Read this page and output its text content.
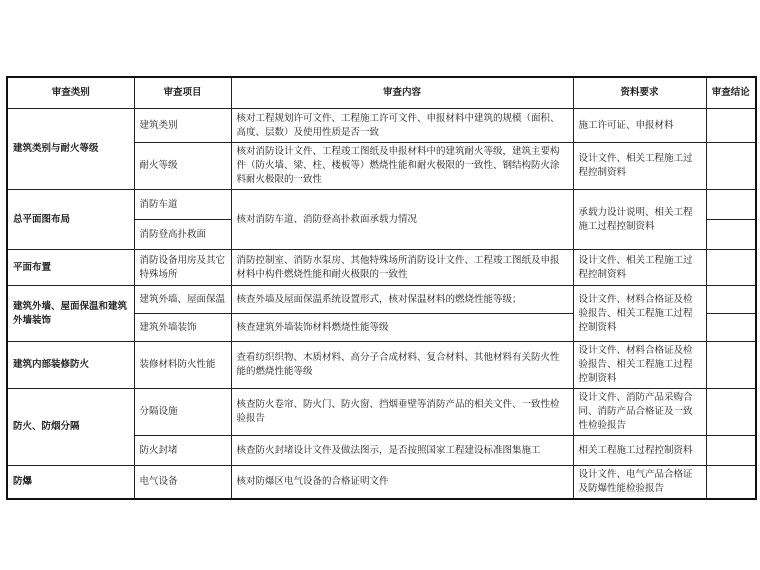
审查类别	审查项目	审查内容	资料要求	审查结论
建筑类别与耐火等级	建筑类别	核对工程规划许可文件、工程施工许可文件、申报材料中建筑的规模（面积、高度、层数）及使用性质是否一致	施工许可证、申报材料	
	耐火等级	核对消防设计文件、工程竣工图纸及申报材料中的建筑耐火等级，建筑主要构件（防火墙、梁、柱、楼板等）燃烧性能和耐火极限的一致性、钢结构防火涂料耐火极限的一致性	设计文件、相关工程施工过程控制资料	
总平面图布局	消防车道	核对消防车道、消防登高扑救面承载力情况	承载力设计说明、相关工程施工过程控制资料	
	消防登高扑救面			
平面布置	消防设备用房及其它特殊场所	消防控制室、消防水泵房、其他特殊场所消防设计文件、工程竣工图纸及申报材料中构件燃烧性能和耐火极限的一致性	设计文件、相关工程施工过程控制资料	
建筑外墙、屋面保温和建筑外墙装饰	建筑外墙、屋面保温	核查外墙及屋面保温系统设置形式，核对保温材料的燃烧性能等级；	设计文件、材料合格证及检验报告、相关工程施工过程控制资料	
	建筑外墙装饰	核查建筑外墙装饰材料燃烧性能等级		
建筑内部装修防火	装修材料防火性能	查看纺织织物、木质材料、高分子合成材料、复合材料、其他材料有关防火性能的燃烧性能等级	设计文件、材料合格证及检验报告、相关工程施工过程控制资料	
防火、防烟分隔	分隔设施	核查防火卷帘、防火门、防火窗、挡烟垂壁等消防产品的相关文件、一致性检验报告	设计文件、消防产品采购合同、消防产品合格证及一致性检验报告	
	防火封堵	核查防火封堵设计文件及做法图示，是否按照国家工程建设标准图集施工	相关工程施工过程控制资料	
防爆	电气设备	核对防爆区电气设备的合格证明文件	设计文件、电气产品合格证及防爆性能检验报告	
